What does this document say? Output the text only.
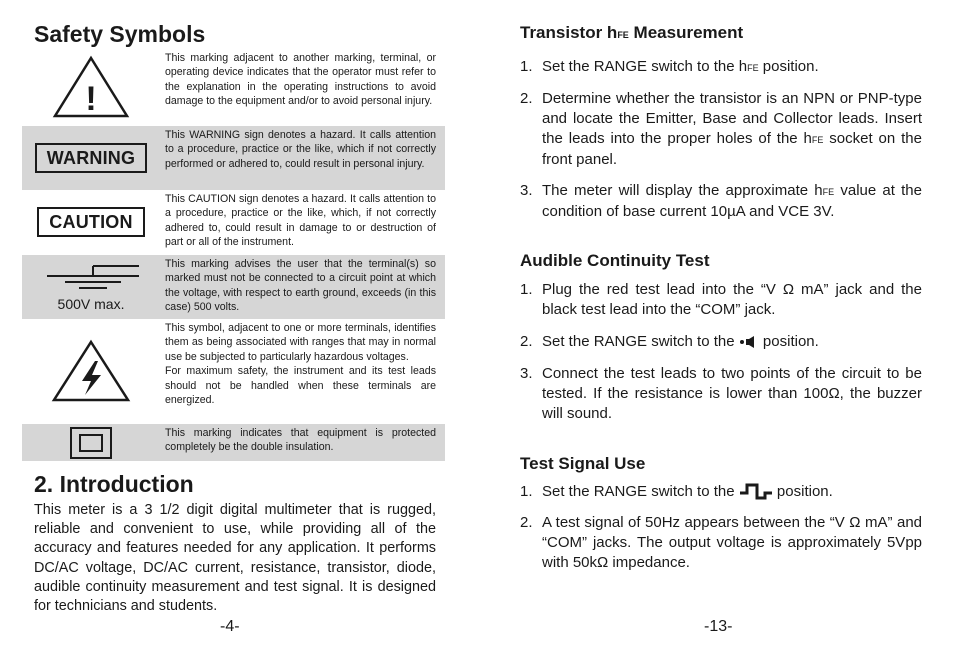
Safety Symbols
!
This marking adjacent to another marking, terminal, or operating device indicates that the operator must refer to the explanation in the operating instructions to avoid damage to the equipment and/or to avoid personal injury.
WARNING
This WARNING sign denotes a hazard. It calls attention to a procedure, practice or the like, which if not correctly performed or adhered to, could result in personal injury.
CAUTION
This CAUTION sign denotes a hazard. It calls attention to a procedure, practice or the like, which, if not correctly adhered to, could result in damage to or destruction of part or all of the instrument.
500V max.
This marking advises the user that the terminal(s) so marked must not be connected to a circuit point at which the voltage, with respect to earth ground, exceeds (in this case) 500 volts.
This symbol, adjacent to one or more terminals, identifies them as being associated with ranges that may in normal use be subjected to particularly hazardous voltages.
For maximum safety, the instrument and its test leads should not be handled when these terminals are energized.
This marking indicates that equipment is protected completely be the double insulation.
2. Introduction
This meter is a 3 1/2 digit digital multimeter that is rugged, reliable and convenient to use, while providing all of the accuracy and features needed for any application. It performs DC/AC voltage, DC/AC current, resistance, transistor, diode, audible continuity measurement and test signal. It is designed for technicians and students.
-4-
Transistor hFE Measurement
1. Set the RANGE switch to the hFE position.
2. Determine whether the transistor is an NPN or PNP-type and locate the Emitter, Base and Collector leads. Insert the leads into the proper holes of the hFE socket on the front panel.
3. The meter will display the approximate hFE value at the condition of base current 10µA and VCE 3V.
Audible Continuity Test
1. Plug the red test lead into the “V Ω mA” jack and the black test lead into the “COM” jack.
2. Set the RANGE switch to the  position.
3. Connect the test leads to two points of the circuit to be tested. If the resistance is lower than 100Ω, the buzzer will sound.
Test Signal Use
1. Set the RANGE switch to the	position.
2. A test signal of 50Hz appears between the “V Ω mA” and “COM” jacks. The output voltage is approximately 5Vpp with 50kΩ impedance.
-13-
